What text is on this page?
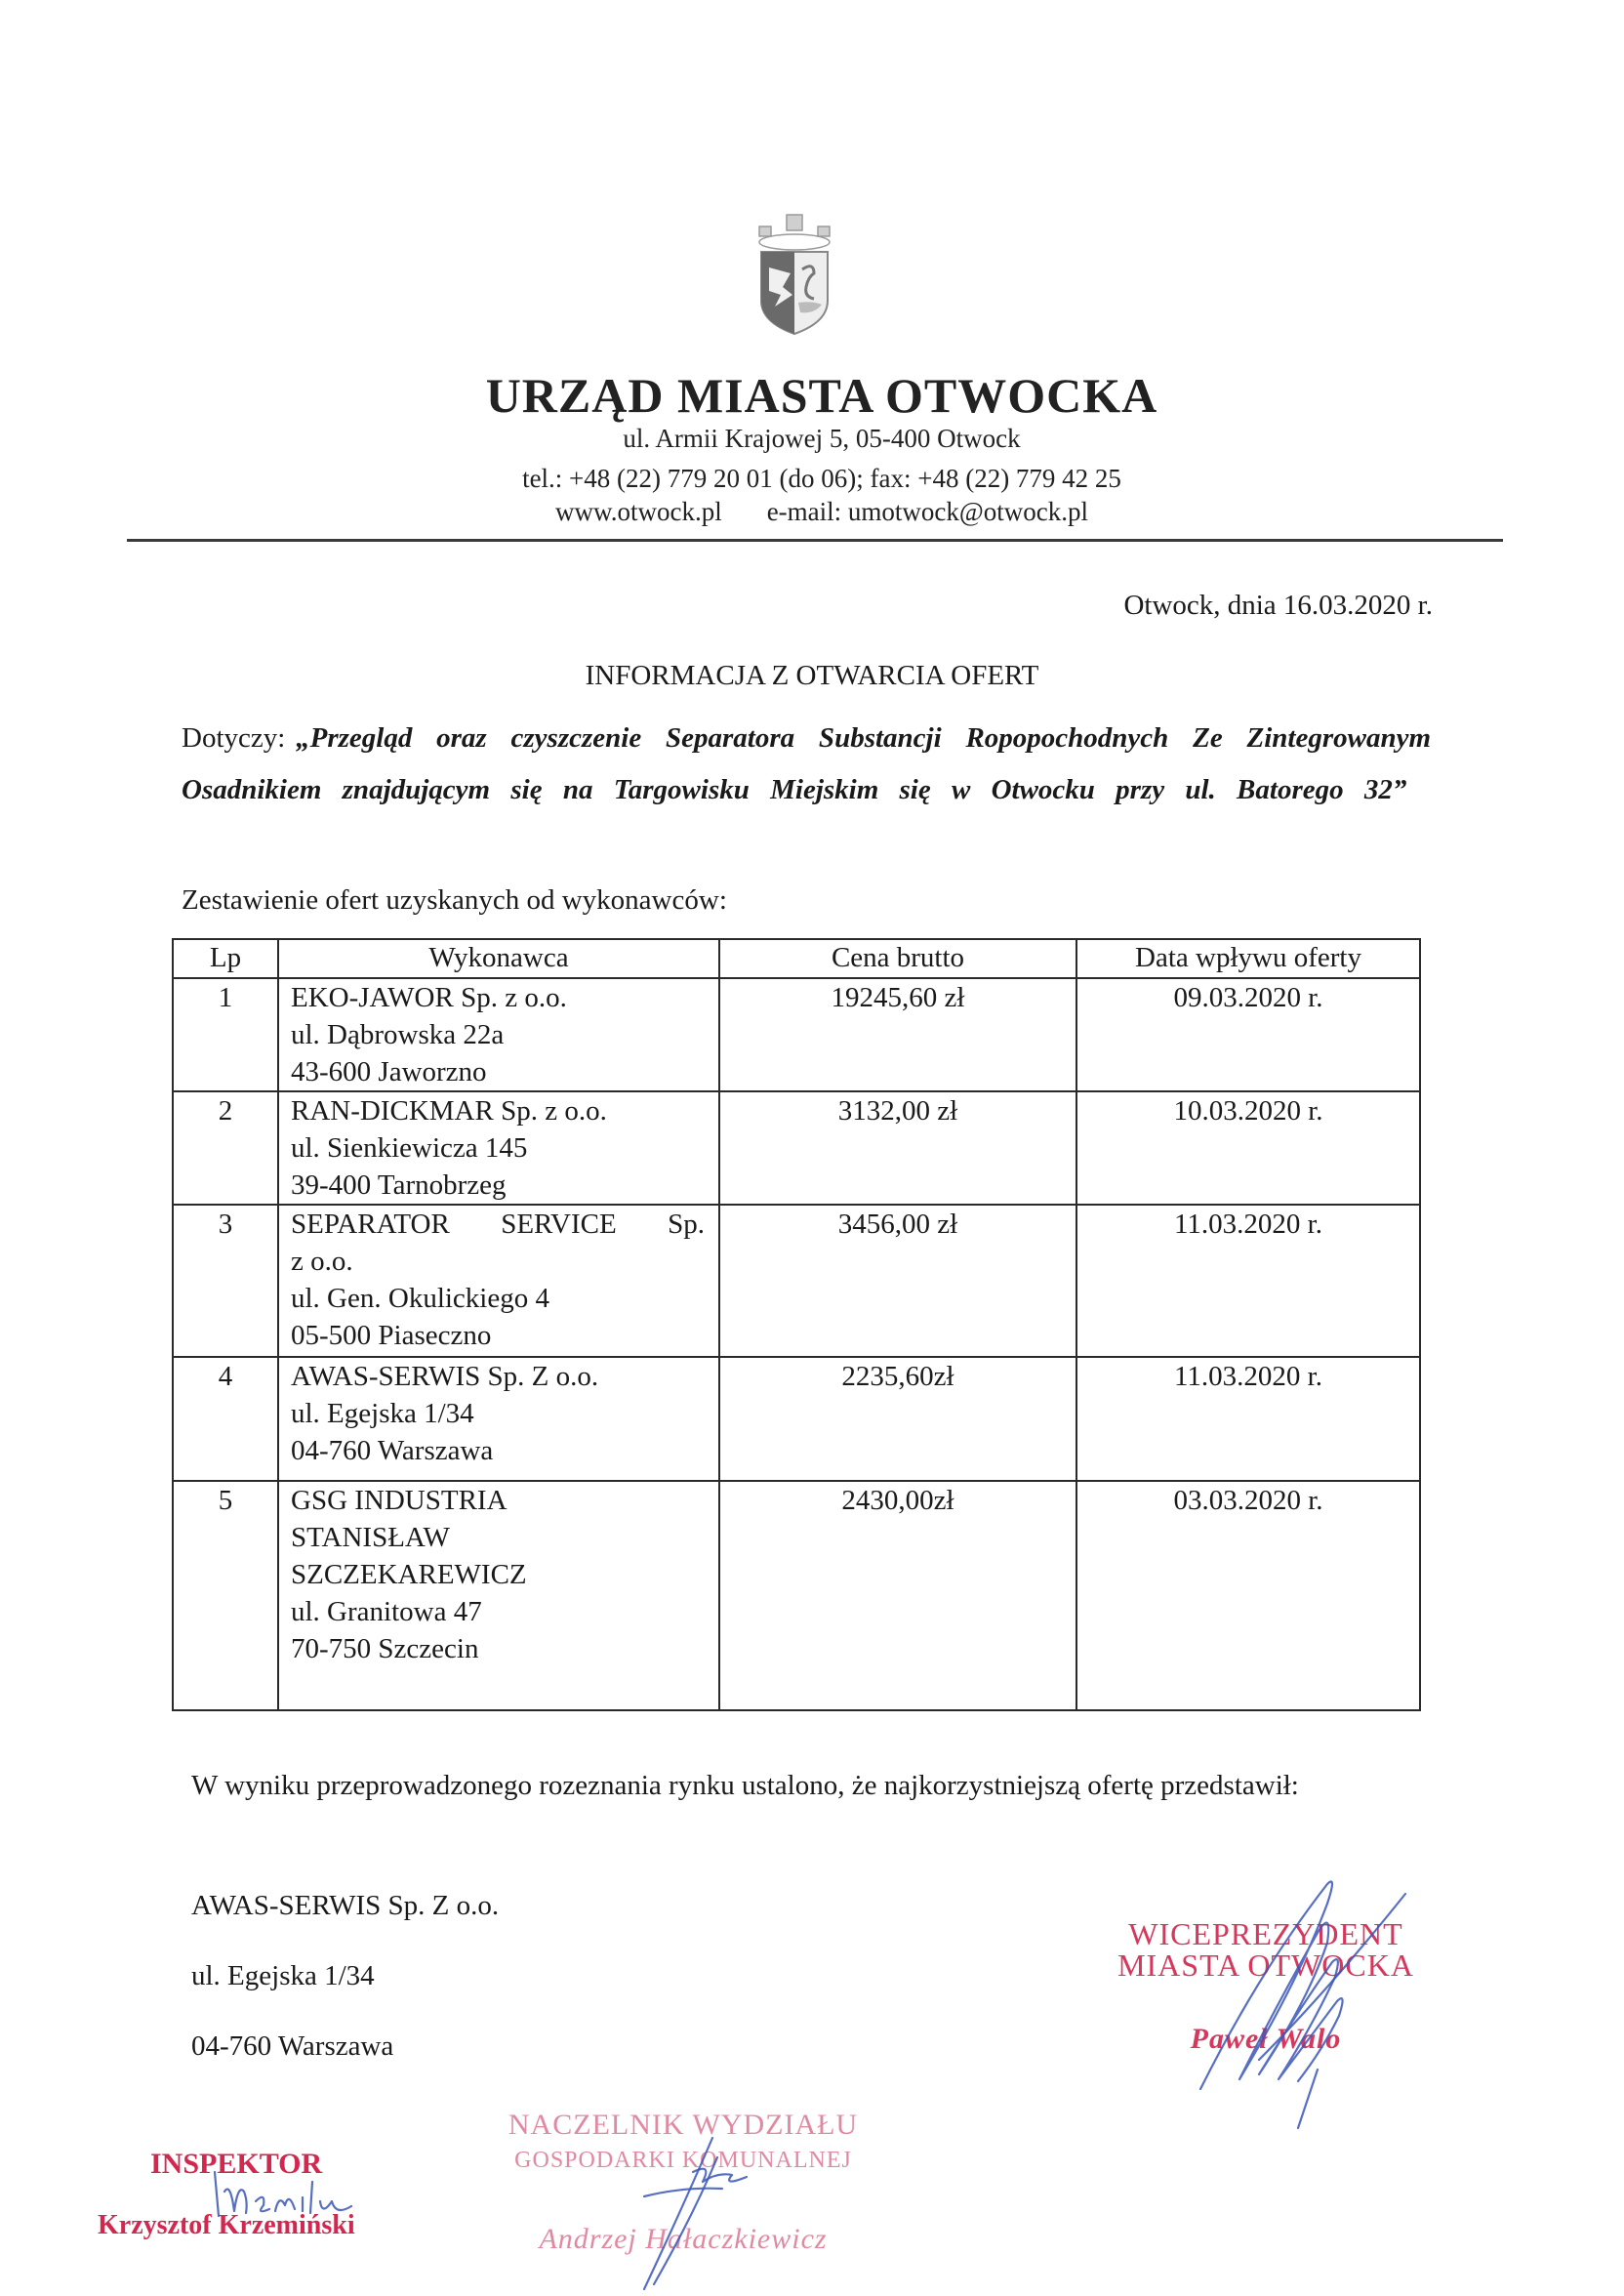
URZĄD MIASTA OTWOCKA
ul. Armii Krajowej 5, 05-400 Otwock
tel.: +48 (22) 779 20 01 (do 06); fax: +48 (22) 779 42 25
www.otwock.pl e-mail: umotwock@otwock.pl
Otwock, dnia 16.03.2020 r.
INFORMACJA Z OTWARCIA OFERT
Dotyczy: „Przegląd oraz czyszczenie Separatora Substancji Ropopochodnych Ze Zintegrowanym Osadnikiem znajdującym się na Targowisku Miejskim się w Otwocku przy ul. Batorego 32”
Zestawienie ofert uzyskanych od wykonawców:
Lp	Wykonawca	Cena brutto	Data wpływu oferty
1	EKO-JAWOR Sp. z o.o.
ul. Dąbrowska 22a
43-600 Jaworzno	19245,60 zł	09.03.2020 r.
2	RAN-DICKMAR Sp. z o.o.
ul. Sienkiewicza 145
39-400 Tarnobrzeg	3132,00 zł	10.03.2020 r.
3	SEPARATOR SERVICE Sp.
z o.o.
ul. Gen. Okulickiego 4
05-500 Piaseczno	3456,00 zł	11.03.2020 r.
4	AWAS-SERWIS Sp. Z o.o.
ul. Egejska 1/34
04-760 Warszawa	2235,60zł	11.03.2020 r.
5	GSG INDUSTRIA
STANISŁAW
SZCZEKAREWICZ
ul. Granitowa 47
70-750 Szczecin	2430,00zł	03.03.2020 r.
W wyniku przeprowadzonego rozeznania rynku ustalono, że najkorzystniejszą ofertę przedstawił:
AWAS-SERWIS Sp. Z o.o.
ul. Egejska 1/34
04-760 Warszawa
WICEPREZYDENT
MIASTA OTWOCKA
Paweł Walo
NACZELNIK WYDZIAŁU
GOSPODARKI KOMUNALNEJ
Andrzej Hałaczkiewicz
INSPEKTOR
Krzysztof Krzemiński
